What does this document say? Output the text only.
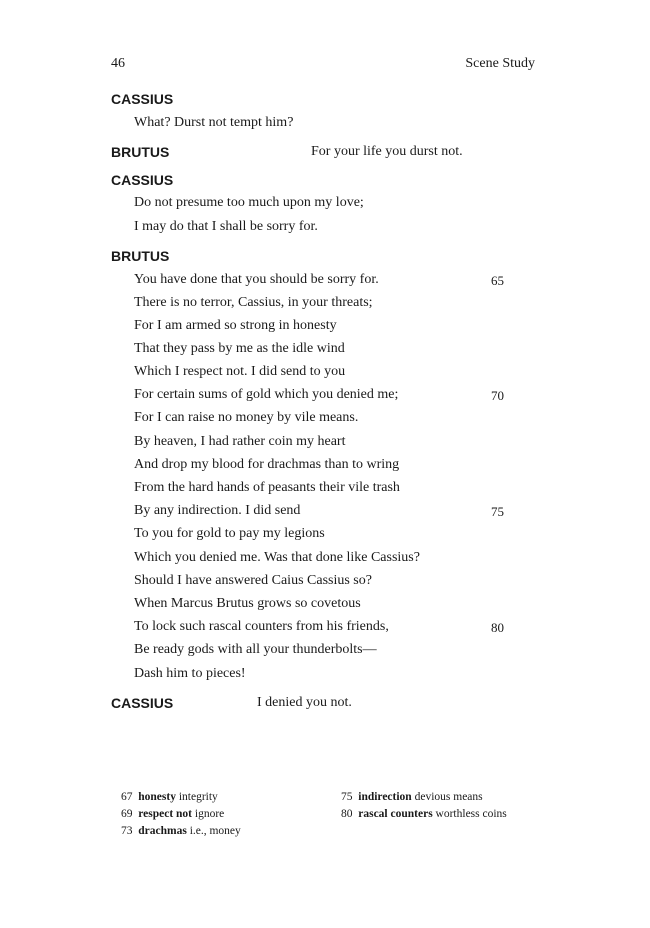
46	Scene Study
CASSIUS
What? Durst not tempt him?
BRUTUS	For your life you durst not.
CASSIUS
Do not presume too much upon my love;
I may do that I shall be sorry for.
BRUTUS
You have done that you should be sorry for.
There is no terror, Cassius, in your threats;
For I am armed so strong in honesty
That they pass by me as the idle wind
Which I respect not. I did send to you
For certain sums of gold which you denied me;
For I can raise no money by vile means.
By heaven, I had rather coin my heart
And drop my blood for drachmas than to wring
From the hard hands of peasants their vile trash
By any indirection. I did send
To you for gold to pay my legions
Which you denied me. Was that done like Cassius?
Should I have answered Caius Cassius so?
When Marcus Brutus grows so covetous
To lock such rascal counters from his friends,
Be ready gods with all your thunderbolts—
Dash him to pieces!
65
70
75
80
CASSIUS	I denied you not.
67 honesty integrity
69 respect not ignore
73 drachmas i.e., money
75 indirection devious means
80 rascal counters worthless coins
